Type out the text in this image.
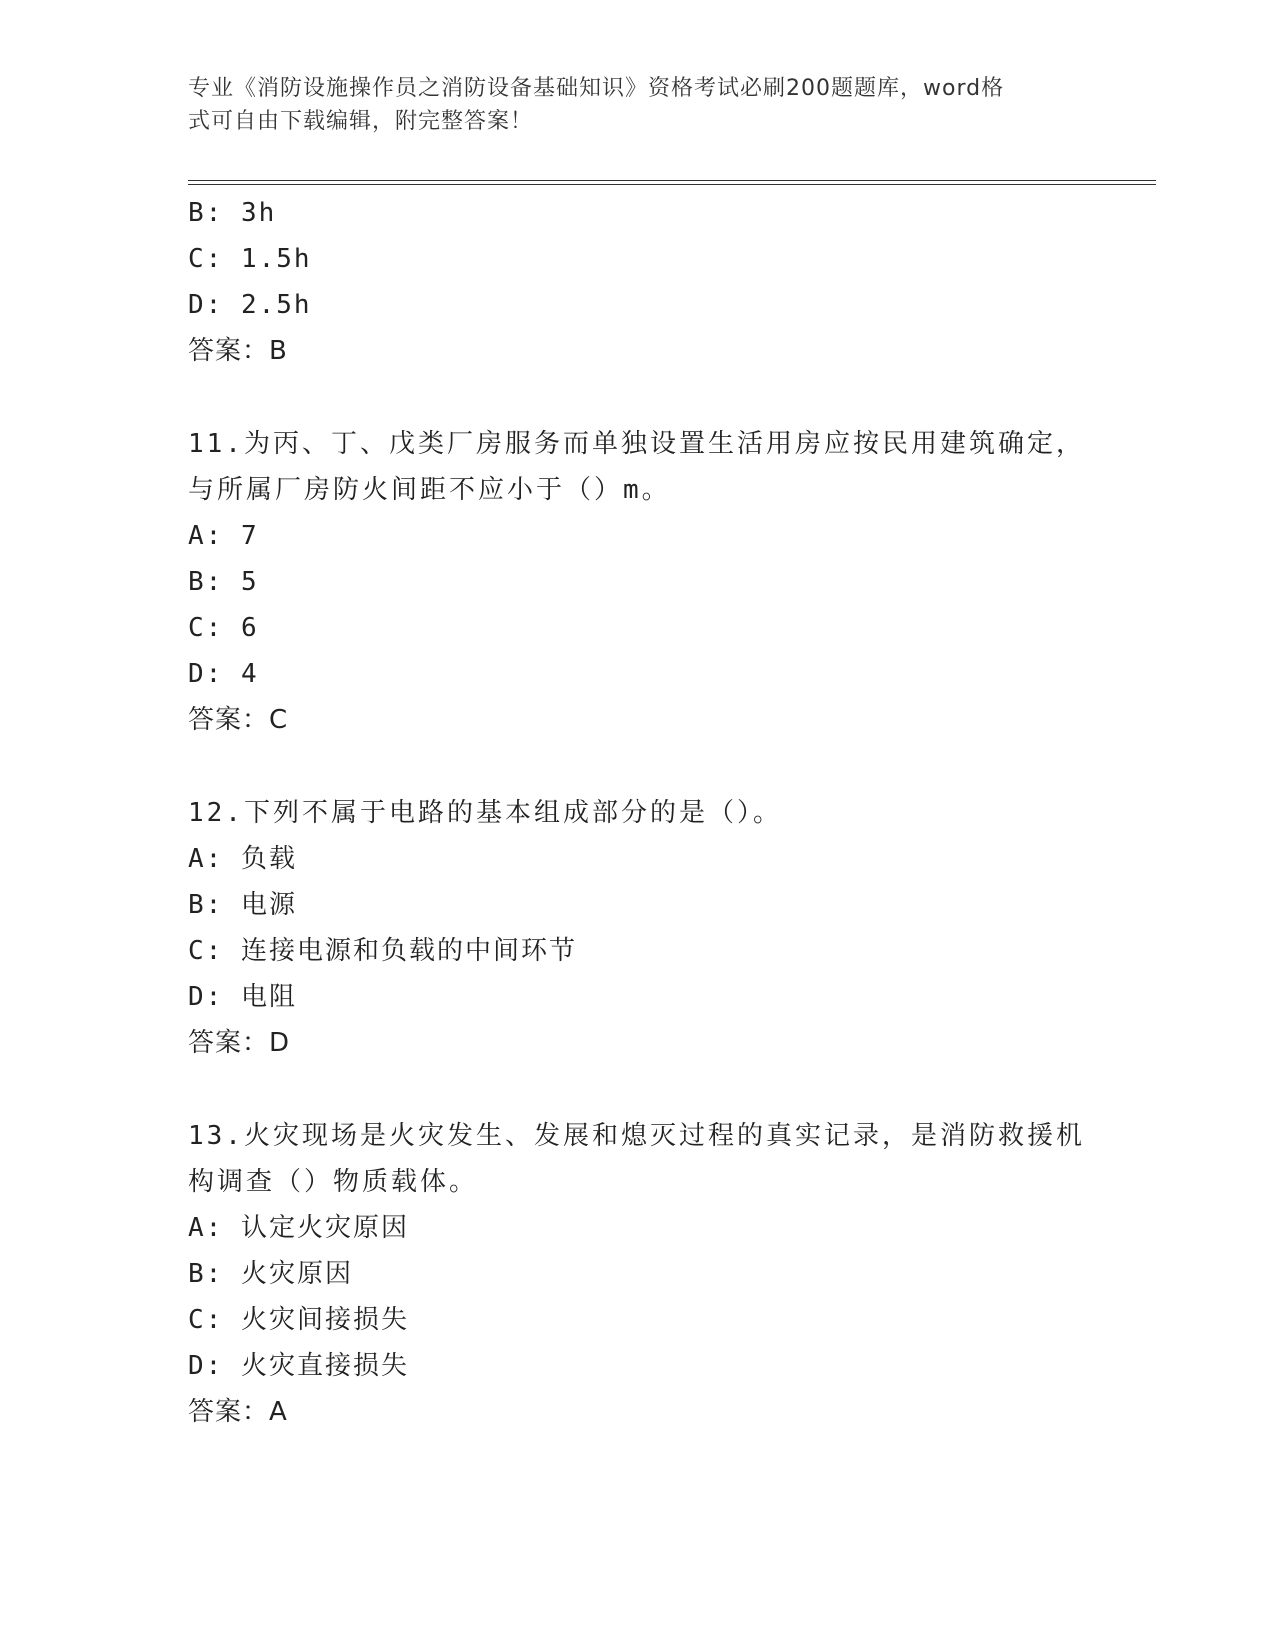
专业《消防设施操作员之消防设备基础知识》资格考试必刷200题题库，word格
式可自由下载编辑，附完整答案！
B: 3h
C: 1.5h
D: 2.5h
答案：B
11.为丙、丁、戊类厂房服务而单独设置生活用房应按民用建筑确定，
与所属厂房防火间距不应小于（）m。
A: 7
B: 5
C: 6
D: 4
答案：C
12.下列不属于电路的基本组成部分的是（）。
A: 负载
B: 电源
C: 连接电源和负载的中间环节
D: 电阻
答案：D
13.火灾现场是火灾发生、发展和熄灭过程的真实记录，是消防救援机
构调查（）物质载体。
A: 认定火灾原因
B: 火灾原因
C: 火灾间接损失
D: 火灾直接损失
答案：A
